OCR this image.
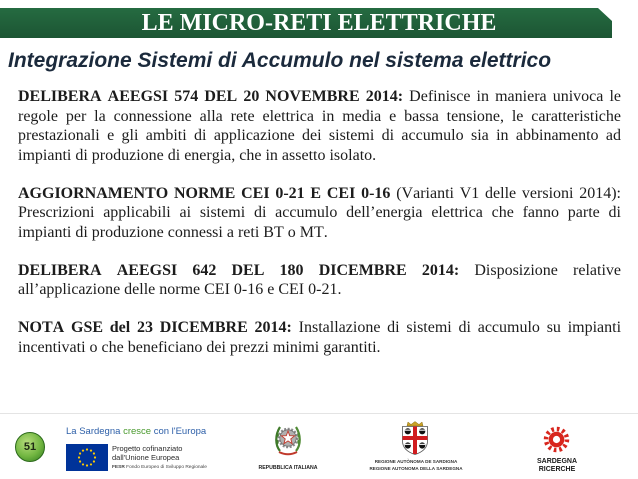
LE MICRO-RETI ELETTRICHE
Integrazione Sistemi di Accumulo nel sistema elettrico

DELIBERA AEEGSI 574 DEL 20 NOVEMBRE 2014: Definisce in maniera univoca le regole per la connessione alla rete elettrica in media e bassa tensione, le caratteristiche prestazionali e gli ambiti di applicazione dei sistemi di accumulo sia in abbinamento ad impianti di produzione di energia, che in assetto isolato.

AGGIORNAMENTO NORME CEI 0-21 E CEI 0-16 (Varianti V1 delle versioni 2014): Prescrizioni applicabili ai sistemi di accumulo dell’energia elettrica che fanno parte di impianti di produzione connessi a reti BT o MT.

DELIBERA AEEGSI 642 DEL 180 DICEMBRE 2014: Disposizione relative all’applicazione delle norme CEI 0-16 e CEI 0-21.

NOTA GSE del 23 DICEMBRE 2014: Installazione di sistemi di accumulo su impianti incentivati o che beneficiano dei prezzi minimi garantiti.

51
La Sardegna cresce con l'Europa
Progetto cofinanziato
dall'Unione Europea
FESR Fondo Europeo di Sviluppo Regionale	REPUBBLICA ITALIANA
REGIONE AUTÒNOMA DE SARDIGNA
REGIONE AUTONOMA DELLA SARDEGNA
SARDEGNA
RICERCHE
